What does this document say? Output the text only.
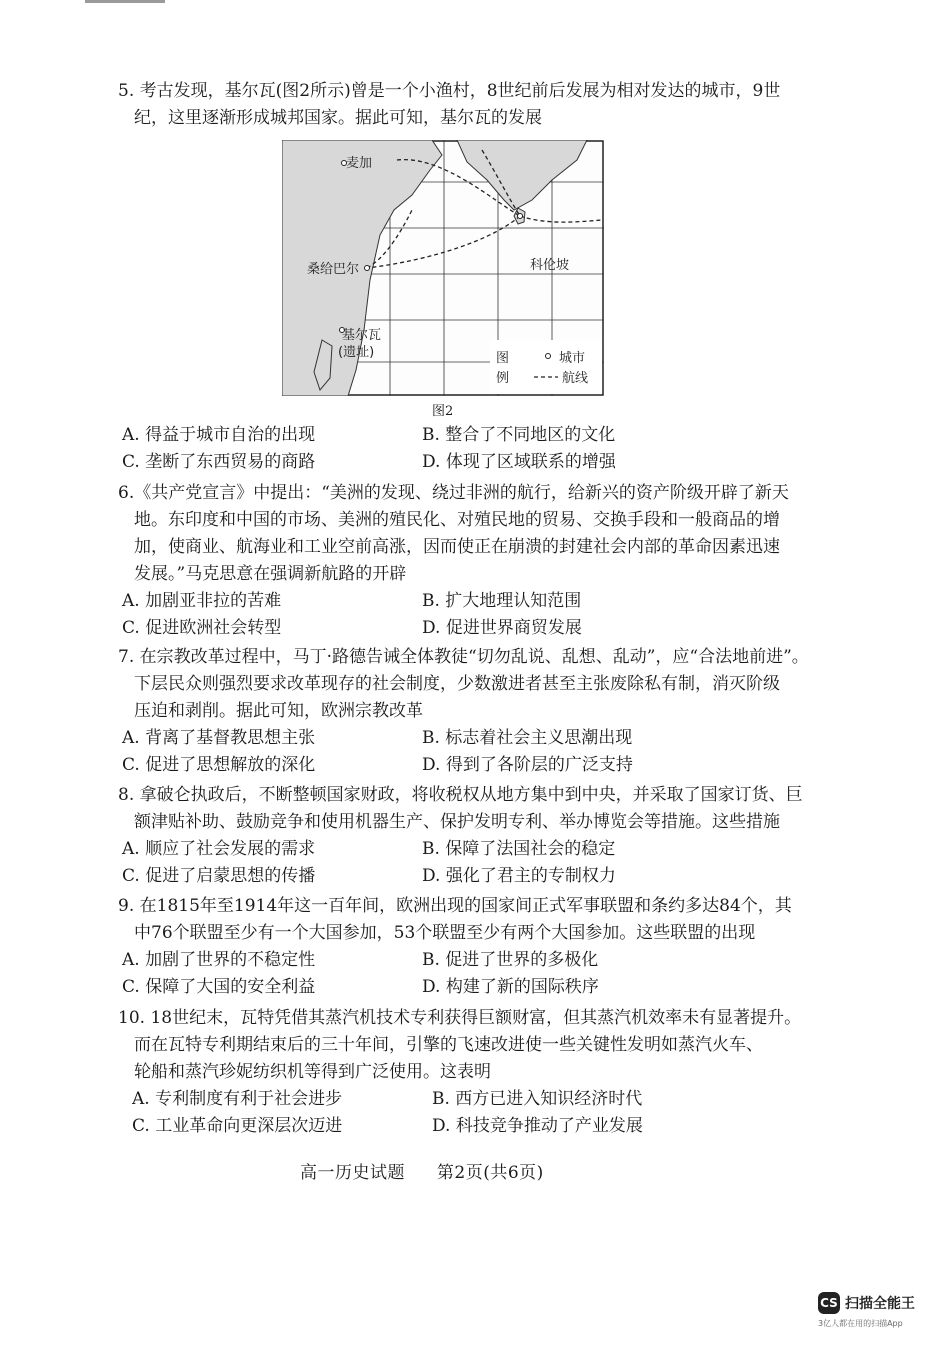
5. 考古发现，基尔瓦(图2所示)曾是一个小渔村，8世纪前后发展为相对发达的城市，9世
纪，这里逐渐形成城邦国家。据此可知，基尔瓦的发展
麦加
桑给巴尔
基尔瓦
(遗址)
科伦坡
图
例
城市
航线
图2
A. 得益于城市自治的出现	B. 整合了不同地区的文化
C. 垄断了东西贸易的商路	D. 体现了区域联系的增强
6.《共产党宣言》中提出：“美洲的发现、绕过非洲的航行，给新兴的资产阶级开辟了新天
地。东印度和中国的市场、美洲的殖民化、对殖民地的贸易、交换手段和一般商品的增
加，使商业、航海业和工业空前高涨，因而使正在崩溃的封建社会内部的革命因素迅速
发展。”马克思意在强调新航路的开辟
A. 加剧亚非拉的苦难	B. 扩大地理认知范围
C. 促进欧洲社会转型	D. 促进世界商贸发展
7. 在宗教改革过程中，马丁·路德告诫全体教徒“切勿乱说、乱想、乱动”，应“合法地前进”。
下层民众则强烈要求改革现存的社会制度，少数激进者甚至主张废除私有制，消灭阶级
压迫和剥削。据此可知，欧洲宗教改革
A. 背离了基督教思想主张	B. 标志着社会主义思潮出现
C. 促进了思想解放的深化	D. 得到了各阶层的广泛支持
8. 拿破仑执政后，不断整顿国家财政，将收税权从地方集中到中央，并采取了国家订货、巨
额津贴补助、鼓励竞争和使用机器生产、保护发明专利、举办博览会等措施。这些措施
A. 顺应了社会发展的需求	B. 保障了法国社会的稳定
C. 促进了启蒙思想的传播	D. 强化了君主的专制权力
9. 在1815年至1914年这一百年间，欧洲出现的国家间正式军事联盟和条约多达84个，其
中76个联盟至少有一个大国参加，53个联盟至少有两个大国参加。这些联盟的出现
A. 加剧了世界的不稳定性	B. 促进了世界的多极化
C. 保障了大国的安全利益	D. 构建了新的国际秩序
10. 18世纪末，瓦特凭借其蒸汽机技术专利获得巨额财富，但其蒸汽机效率未有显著提升。
而在瓦特专利期结束后的三十年间，引擎的飞速改进使一些关键性发明如蒸汽火车、
轮船和蒸汽珍妮纺织机等得到广泛使用。这表明
A. 专利制度有利于社会进步	B. 西方已进入知识经济时代
C. 工业革命向更深层次迈进	D. 科技竞争推动了产业发展
高一历史试题 第2页(共6页)
CS 扫描全能王
3亿人都在用的扫描App
